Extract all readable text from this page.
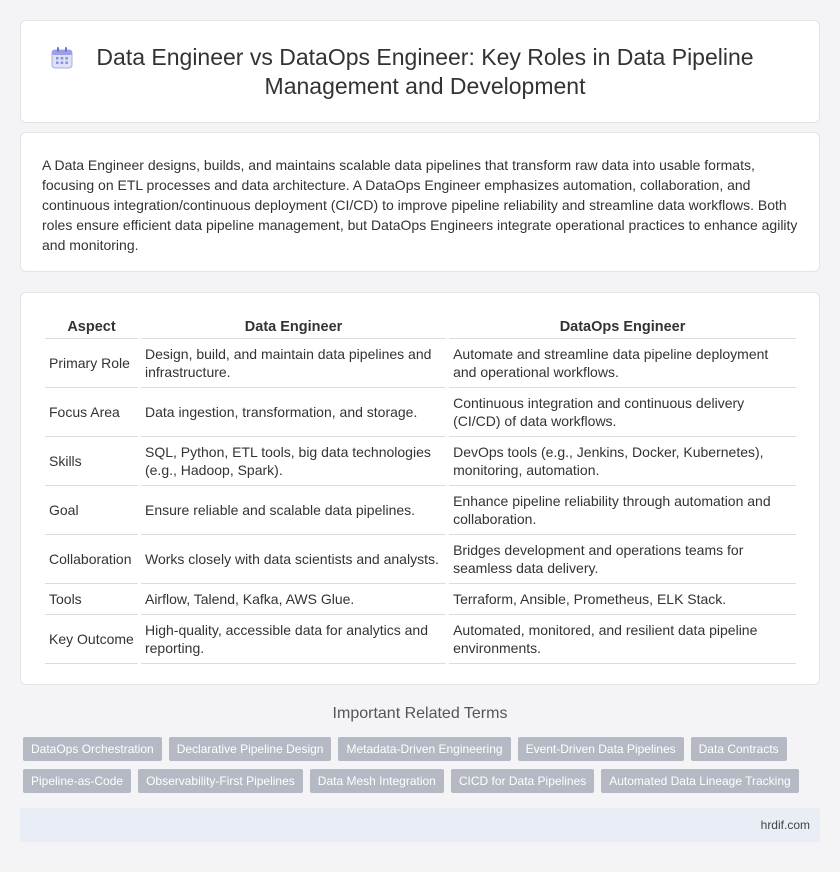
Data Engineer vs DataOps Engineer: Key Roles in Data Pipeline Management and Development

A Data Engineer designs, builds, and maintains scalable data pipelines that transform raw data into usable formats, focusing on ETL processes and data architecture. A DataOps Engineer emphasizes automation, collaboration, and continuous integration/continuous deployment (CI/CD) to improve pipeline reliability and streamline data workflows. Both roles ensure efficient data pipeline management, but DataOps Engineers integrate operational practices to enhance agility and monitoring.

Aspect	Data Engineer	DataOps Engineer
Primary Role	Design, build, and maintain data pipelines and infrastructure.	Automate and streamline data pipeline deployment and operational workflows.
Focus Area	Data ingestion, transformation, and storage.	Continuous integration and continuous delivery (CI/CD) of data workflows.
Skills	SQL, Python, ETL tools, big data technologies (e.g., Hadoop, Spark).	DevOps tools (e.g., Jenkins, Docker, Kubernetes), monitoring, automation.
Goal	Ensure reliable and scalable data pipelines.	Enhance pipeline reliability through automation and collaboration.
Collaboration	Works closely with data scientists and analysts.	Bridges development and operations teams for seamless data delivery.
Tools	Airflow, Talend, Kafka, AWS Glue.	Terraform, Ansible, Prometheus, ELK Stack.
Key Outcome	High-quality, accessible data for analytics and reporting.	Automated, monitored, and resilient data pipeline environments.
Important Related Terms
DataOps Orchestration	Declarative Pipeline Design	Metadata-Driven Engineering	Event-Driven Data Pipelines	Data Contracts
Pipeline-as-Code	Observability-First Pipelines	Data Mesh Integration	CICD for Data Pipelines	Automated Data Lineage Tracking
hrdif.com
